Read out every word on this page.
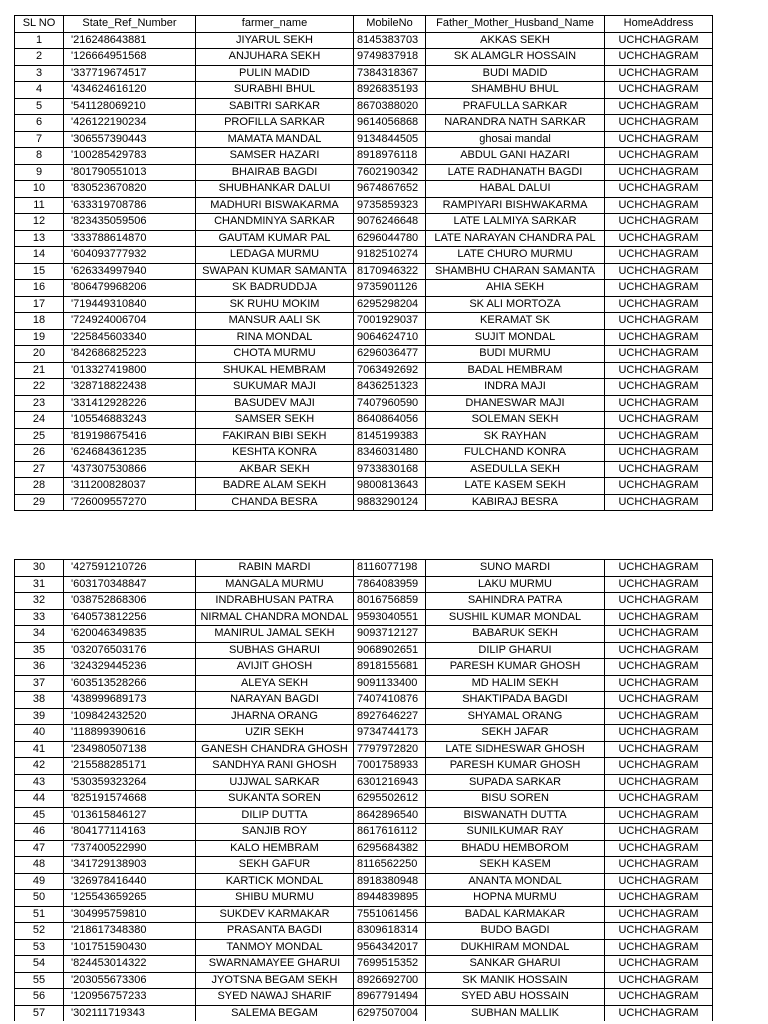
SL NO	State_Ref_Number	farmer_name	MobileNo	Father_Mother_Husband_Name	HomeAddress
1	'216248643881	JIYARUL SEKH	8145383703	AKKAS SEKH	UCHCHAGRAM
2	'126664951568	ANJUHARA SEKH	9749837918	SK ALAMGLR HOSSAIN	UCHCHAGRAM
3	'337719674517	PULIN MADID	7384318367	BUDI MADID	UCHCHAGRAM
4	'434624616120	SURABHI BHUL	8926835193	SHAMBHU BHUL	UCHCHAGRAM
5	'541128069210	SABITRI SARKAR	8670388020	PRAFULLA SARKAR	UCHCHAGRAM
6	'426122190234	PROFILLA SARKAR	9614056868	NARANDRA NATH SARKAR	UCHCHAGRAM
7	'306557390443	MAMATA MANDAL	9134844505	ghosai mandal	UCHCHAGRAM
8	'100285429783	SAMSER HAZARI	8918976118	ABDUL GANI HAZARI	UCHCHAGRAM
9	'801790551013	BHAIRAB BAGDI	7602190342	LATE RADHANATH BAGDI	UCHCHAGRAM
10	'830523670820	SHUBHANKAR DALUI	9674867652	HABAL DALUI	UCHCHAGRAM
11	'633319708786	MADHURI BISWAKARMA	9735859323	RAMPIYARI BISHWAKARMA	UCHCHAGRAM
12	'823435059506	CHANDMINYA SARKAR	9076246648	LATE LALMIYA SARKAR	UCHCHAGRAM
13	'333788614870	GAUTAM KUMAR PAL	6296044780	LATE NARAYAN CHANDRA PAL	UCHCHAGRAM
14	'604093777932	LEDAGA MURMU	9182510274	LATE CHURO MURMU	UCHCHAGRAM
15	'626334997940	SWAPAN KUMAR SAMANTA	8170946322	SHAMBHU CHARAN SAMANTA	UCHCHAGRAM
16	'806479968206	SK BADRUDDJA	9735901126	AHIA SEKH	UCHCHAGRAM
17	'719449310840	SK RUHU MOKIM	6295298204	SK ALI MORTOZA	UCHCHAGRAM
18	'724924006704	MANSUR AALI SK	7001929037	KERAMAT SK	UCHCHAGRAM
19	'225845603340	RINA MONDAL	9064624710	SUJIT MONDAL	UCHCHAGRAM
20	'842686825223	CHOTA MURMU	6296036477	BUDI MURMU	UCHCHAGRAM
21	'013327419800	SHUKAL HEMBRAM	7063492692	BADAL HEMBRAM	UCHCHAGRAM
22	'328718822438	SUKUMAR MAJI	8436251323	INDRA MAJI	UCHCHAGRAM
23	'331412928226	BASUDEV MAJI	7407960590	DHANESWAR MAJI	UCHCHAGRAM
24	'105546883243	SAMSER SEKH	8640864056	SOLEMAN SEKH	UCHCHAGRAM
25	'819198675416	FAKIRAN BIBI SEKH	8145199383	SK RAYHAN	UCHCHAGRAM
26	'624684361235	KESHTA KONRA	8346031480	FULCHAND KONRA	UCHCHAGRAM
27	'437307530866	AKBAR SEKH	9733830168	ASEDULLA SEKH	UCHCHAGRAM
28	'311200828037	BADRE ALAM SEKH	9800813643	LATE KASEM SEKH	UCHCHAGRAM
29	'726009557270	CHANDA BESRA	9883290124	KABIRAJ BESRA	UCHCHAGRAM
30	'427591210726	RABIN MARDI	8116077198	SUNO MARDI	UCHCHAGRAM
31	'603170348847	MANGALA MURMU	7864083959	LAKU MURMU	UCHCHAGRAM
32	'038752868306	INDRABHUSAN PATRA	8016756859	SAHINDRA PATRA	UCHCHAGRAM
33	'640573812256	NIRMAL CHANDRA MONDAL	9593040551	SUSHIL KUMAR MONDAL	UCHCHAGRAM
34	'620046349835	MANIRUL JAMAL SEKH	9093712127	BABARUK SEKH	UCHCHAGRAM
35	'032076503176	SUBHAS GHARUI	9068902651	DILIP GHARUI	UCHCHAGRAM
36	'324329445236	AVIJIT GHOSH	8918155681	PARESH KUMAR GHOSH	UCHCHAGRAM
37	'603513528266	ALEYA SEKH	9091133400	MD HALIM SEKH	UCHCHAGRAM
38	'438999689173	NARAYAN BAGDI	7407410876	SHAKTIPADA BAGDI	UCHCHAGRAM
39	'109842432520	JHARNA ORANG	8927646227	SHYAMAL ORANG	UCHCHAGRAM
40	'118899390616	UZIR SEKH	9734744173	SEKH JAFAR	UCHCHAGRAM
41	'234980507138	GANESH CHANDRA GHOSH	7797972820	LATE SIDHESWAR GHOSH	UCHCHAGRAM
42	'215588285171	SANDHYA RANI GHOSH	7001758933	PARESH KUMAR GHOSH	UCHCHAGRAM
43	'530359323264	UJJWAL SARKAR	6301216943	SUPADA SARKAR	UCHCHAGRAM
44	'825191574668	SUKANTA SOREN	6295502612	BISU SOREN	UCHCHAGRAM
45	'013615846127	DILIP DUTTA	8642896540	BISWANATH DUTTA	UCHCHAGRAM
46	'804177114163	SANJIB ROY	8617616112	SUNILKUMAR RAY	UCHCHAGRAM
47	'737400522990	KALO HEMBRAM	6295684382	BHADU HEMBOROM	UCHCHAGRAM
48	'341729138903	SEKH GAFUR	8116562250	SEKH KASEM	UCHCHAGRAM
49	'326978416440	KARTICK MONDAL	8918380948	ANANTA MONDAL	UCHCHAGRAM
50	'125543659265	SHIBU MURMU	8944839895	HOPNA MURMU	UCHCHAGRAM
51	'304995759810	SUKDEV KARMAKAR	7551061456	BADAL KARMAKAR	UCHCHAGRAM
52	'218617348380	PRASANTA BAGDI	8309618314	BUDO BAGDI	UCHCHAGRAM
53	'101751590430	TANMOY MONDAL	9564342017	DUKHIRAM MONDAL	UCHCHAGRAM
54	'824453014322	SWARNAMAYEE GHARUI	7699515352	SANKAR GHARUI	UCHCHAGRAM
55	'203055673306	JYOTSNA BEGAM SEKH	8926692700	SK MANIK HOSSAIN	UCHCHAGRAM
56	'120956757233	SYED NAWAJ SHARIF	8967791494	SYED ABU HOSSAIN	UCHCHAGRAM
57	'302111719343	SALEMA BEGAM	6297507004	SUBHAN MALLIK	UCHCHAGRAM
